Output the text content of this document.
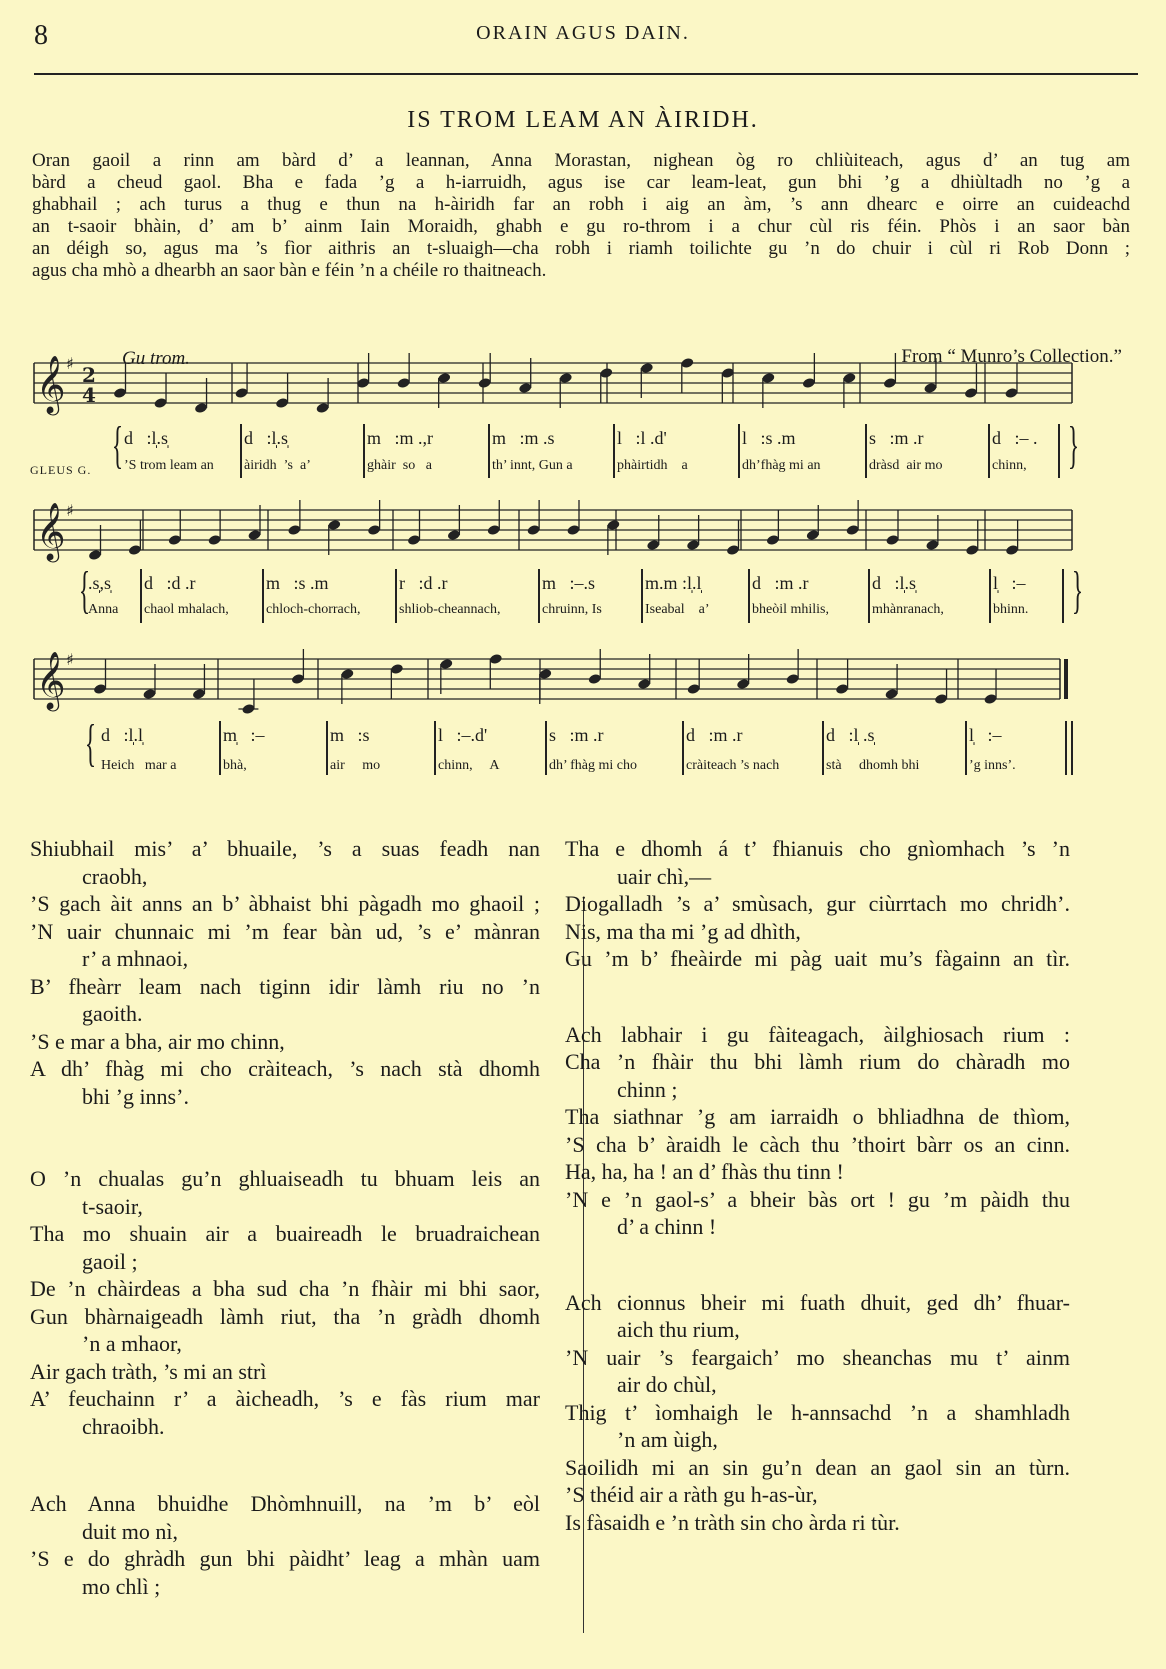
8	ORAIN AGUS DAIN.
IS TROM LEAM AN ÀIRIDH.
Oran gaoil a rinn am bàrd d’ a leannan, Anna Morastan, nighean òg ro chliùiteach, agus d’ an tug am
bàrd a cheud gaol. Bha e fada ’g a h-iarruidh, agus ise car leam-leat, gun bhi ’g a dhiùltadh no ’g a
ghabhail ; ach turus a thug e thun na h-àiridh far an robh i aig an àm, ’s ann dhearc e oirre an cuideachd
an t-saoir bhàin, d’ am b’ ainm Iain Moraidh, ghabh e gu ro-throm i a chur cùl ris féin. Phòs i an saor bàn
an déigh so, agus ma ’s fìor aithris an t-sluaigh—cha robh i riamh toilichte gu ’n do chuir i cùl ri Rob Donn ;
agus cha mhò a dhearbh an saor bàn e féin ’n a chéile ro thaitneach.
Gu trom.	From “ Munro’s Collection.”
𝄞 ♯ 2
4
𝄞 ♯
𝄞 ♯
{	}
d   :l̩.s̩
’S trom leam an
d   :l̩.s̩
àiridh  ’s  a’
m   :m .,r
ghàir  so   a
m   :m .s
th’ innt, Gun a
l   :l .d'
phàirtidh    a
l   :s .m
dh’fhàg mi an
s   :m .r
dràsd  air mo
d   :– .
chinn,
GLEUS G.
{	}
.s̩,s̩
Anna
d   :d .r
chaol mhalach,
m   :s .m
chloch-chorrach,
r   :d .r
shliob-cheannach,
m   :–.s
chruinn, Is
m.m :l̩.l̩
Iseabal    a’
d   :m .r
bheòil mhilis,
d   :l̩.s̩
mhànranach,
l̩   :–
bhinn.
{ d   :l̩.l̩
Heich   mar a
m̩   :–
bhà,
m   :s
air     mo
l   :–.d'
chinn,     A
s   :m .r
dh’ fhàg mi cho
d   :m .r
cràiteach ’s nach
d   :l̩ .s̩
stà     dhomh bhi
l̩   :–
’g inns’.
Shiubhail mis’ a’ bhuaile, ’s a suas feadh nan
craobh,
’S gach àit anns an b’ àbhaist bhi pàgadh mo ghaoil ;
’N uair chunnaic mi ’m fear bàn ud, ’s e’ mànran
r’ a mhnaoi,
B’ fheàrr leam nach tiginn idir làmh riu no ’n
gaoith.
’S e mar a bha, air mo chinn,
A dh’ fhàg mi cho cràiteach, ’s nach stà dhomh
bhi ’g inns’.
O ’n chualas gu’n ghluaiseadh tu bhuam leis an
t-saoir,
Tha mo shuain air a buaireadh le bruadraichean
gaoil ;
De ’n chàirdeas a bha sud cha ’n fhàir mi bhi saor,
Gun bhàrnaigeadh làmh riut, tha ’n gràdh dhomh
’n a mhaor,
Air gach tràth, ’s mi an strì
A’ feuchainn r’ a àicheadh, ’s e fàs rium mar
chraoibh.
Ach Anna bhuidhe Dhòmhnuill, na ’m b’ eòl
duit mo nì,
’S e do ghràdh gun bhi pàidht’ leag a mhàn uam
mo chlì ;
Tha e dhomh á t’ fhianuis cho gnìomhach ’s ’n
uair chì,—
Diogalladh ’s a’ smùsach, gur ciùrrtach mo chridh’.
Nis, ma tha mi ’g ad dhìth,
Gu ’m b’ fheàirde mi pàg uait mu’s fàgainn an tìr.
Ach labhair i gu fàiteagach, àilghiosach rium :
Cha ’n fhàir thu bhi làmh rium do chàradh mo
chinn ;
Tha siathnar ’g am iarraidh o bhliadhna de thìom,
’S cha b’ àraidh le càch thu ’thoirt bàrr os an cinn.
Ha, ha, ha ! an d’ fhàs thu tinn !
’N e ’n gaol-s’ a bheir bàs ort ! gu ’m pàidh thu
d’ a chinn !
Ach cionnus bheir mi fuath dhuit, ged dh’ fhuar-
aich thu rium,
’N uair ’s feargaich’ mo sheanchas mu t’ ainm
air do chùl,
Thig t’ ìomhaigh le h-annsachd ’n a shamhladh
’n am ùigh,
Saoilidh mi an sin gu’n dean an gaol sin an tùrn.
’S théid air a ràth gu h-as-ùr,
Is fàsaidh e ’n tràth sin cho àrda ri tùr.
